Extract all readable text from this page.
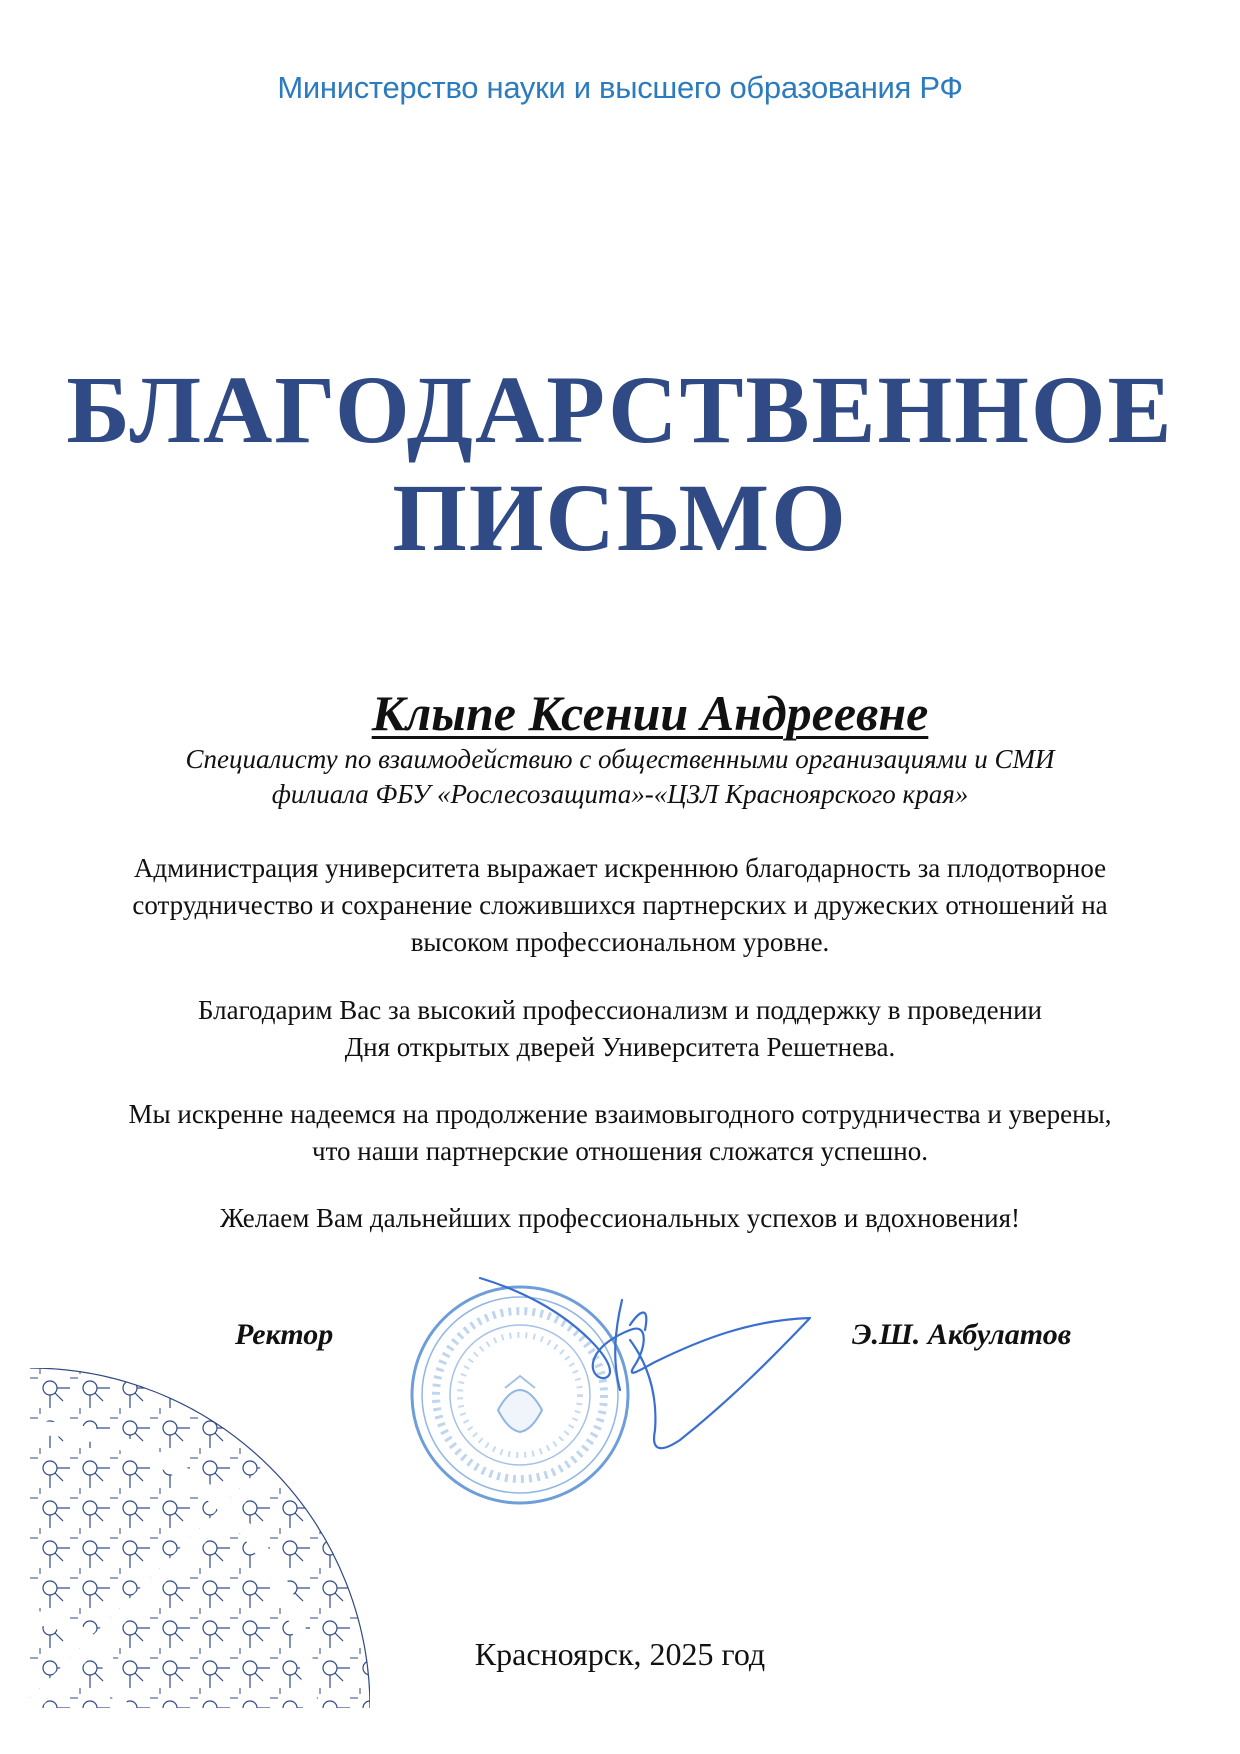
Министерство науки и высшего образования РФ
БЛАГОДАРСТВЕННОЕ
ПИСЬМО
Клыпе Ксении Андреевне
Специалисту по взаимодействию с общественными организациями и СМИ
филиала ФБУ «Рослесозащита»-«ЦЗЛ Красноярского края»
Администрация университета выражает искреннюю благодарность за плодотворное
сотрудничество и сохранение сложившихся партнерских и дружеских отношений на
высоком профессиональном уровне.
Благодарим Вас за высокий профессионализм и поддержку в проведении
Дня открытых дверей Университета Решетнева.
Мы искренне надеемся на продолжение взаимовыгодного сотрудничества и уверены,
что наши партнерские отношения сложатся успешно.
Желаем Вам дальнейших профессиональных успехов и вдохновения!
Ректор	Э.Ш. Акбулатов
Красноярск, 2025 год
